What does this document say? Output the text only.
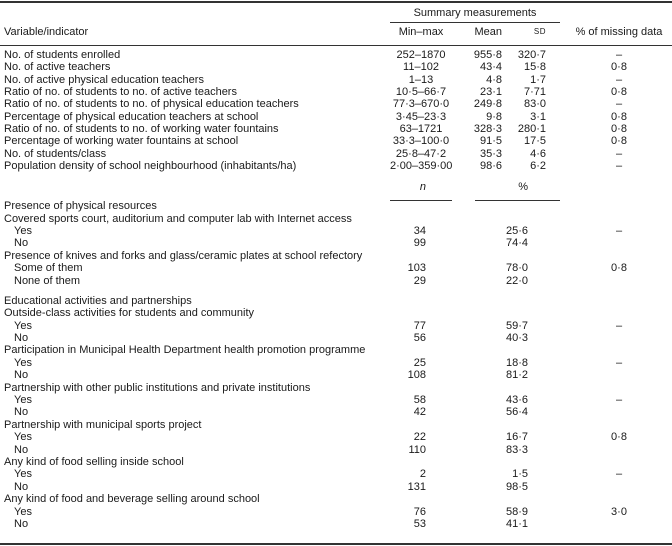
	Summary measurements			
Variable/indicator	Min–max	Mean	SD	% of missing data

No. of students enrolled	252–1870	955·8	320·7	–
No. of active teachers	11–102	43·4	15·8	0·8
No. of active physical education teachers	1–13	4·8	1·7	–
Ratio of no. of students to no. of active teachers	10·5–66·7	23·1	7·71	0·8
Ratio of no. of students to no. of physical education teachers	77·3–670·0	249·8	83·0	–
Percentage of physical education teachers at school	3·45–23·3	9·8	3·1	0·8
Ratio of no. of students to no. of working water fountains	63–1721	328·3	280·1	0·8
Percentage of working water fountains at school	33·3–100·0	91·5	17·5	0·8
No. of students/class	25·8–47·2	35·3	4·6	–
Population density of school neighbourhood (inhabitants/ha)	2·00–359·00	98·6	6·2	–

	n	%		

Presence of physical resources				
Covered sports court, auditorium and computer lab with Internet access				
Yes	34	25·6		–
No	99	74·4		
Presence of knives and forks and glass/ceramic plates at school refectory				
Some of them	103	78·0		0·8
None of them	29	22·0		

Educational activities and partnerships				
Outside-class activities for students and community				
Yes	77	59·7		–
No	56	40·3		
Participation in Municipal Health Department health promotion programme				
Yes	25	18·8		–
No	108	81·2		
Partnership with other public institutions and private institutions				
Yes	58	43·6		–
No	42	56·4		
Partnership with municipal sports project				
Yes	22	16·7		0·8
No	110	83·3		
Any kind of food selling inside school				
Yes	2	1·5		–
No	131	98·5		
Any kind of food and beverage selling around school				
Yes	76	58·9		3·0
No	53	41·1		
